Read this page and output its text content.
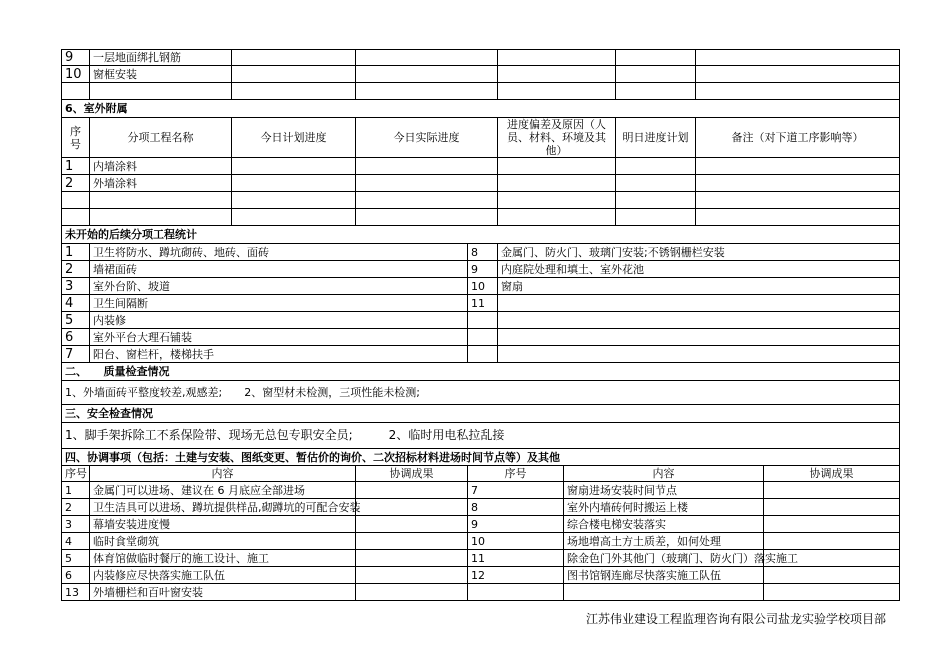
9	一层地面绑扎钢筋								
10	窗框安装								

6、室外附属									
序号	分项工程名称	今日计划进度	今日实际进度		进度偏差及原因（人员、材料、环境及其他）		明日进度计划	备注（对下道工序影响等）	
1	内墙涂料								
2	外墙涂料								

未开始的后续分项工程统计									
1	卫生将防水、蹲坑砌砖、地砖、面砖			8	金属门、防火门、玻璃门安装;不锈钢栅栏安装				
2	墙裙面砖			9	内庭院处理和填土、室外花池				
3	室外台阶、坡道			10	窗扇				
4	卫生间隔断			11					
5	内装修								
6	室外平台大理石铺装								
7	阳台、窗栏杆，楼梯扶手								
二、　　质量检查情况									
1、外墙面砖平整度较差,观感差;　　2、窗型材未检测，三项性能未检测;									
三、安全检查情况									
1、脚手架拆除工不系保险带、现场无总包专职安全员;　　　2、临时用电私拉乱接									
四、协调事项（包括：土建与安装、图纸变更、暂估价的询价、二次招标材料进场时间节点等）及其他									
序号	内容		协调成果	序号		内容			协调成果
1	金属门可以进场、建议在 6 月底应全部进场			7		窗扇进场安装时间节点			
2	卫生洁具可以进场、蹲坑提供样品,砌蹲坑的可配合安装			8		室外内墙砖何时搬运上楼			
3	幕墙安装进度慢			9		综合楼电梯安装落实			
4	临时食堂砌筑			10		场地增高土方土质差，如何处理			
5	体育馆做临时餐厅的施工设计、施工			11		除金色门外其他门（玻璃门、防火门）落实施工			
6	内装修应尽快落实施工队伍			12		图书馆钢连廊尽快落实施工队伍			
13	外墙栅栏和百叶窗安装								
江苏伟业建设工程监理咨询有限公司盐龙实验学校项目部
